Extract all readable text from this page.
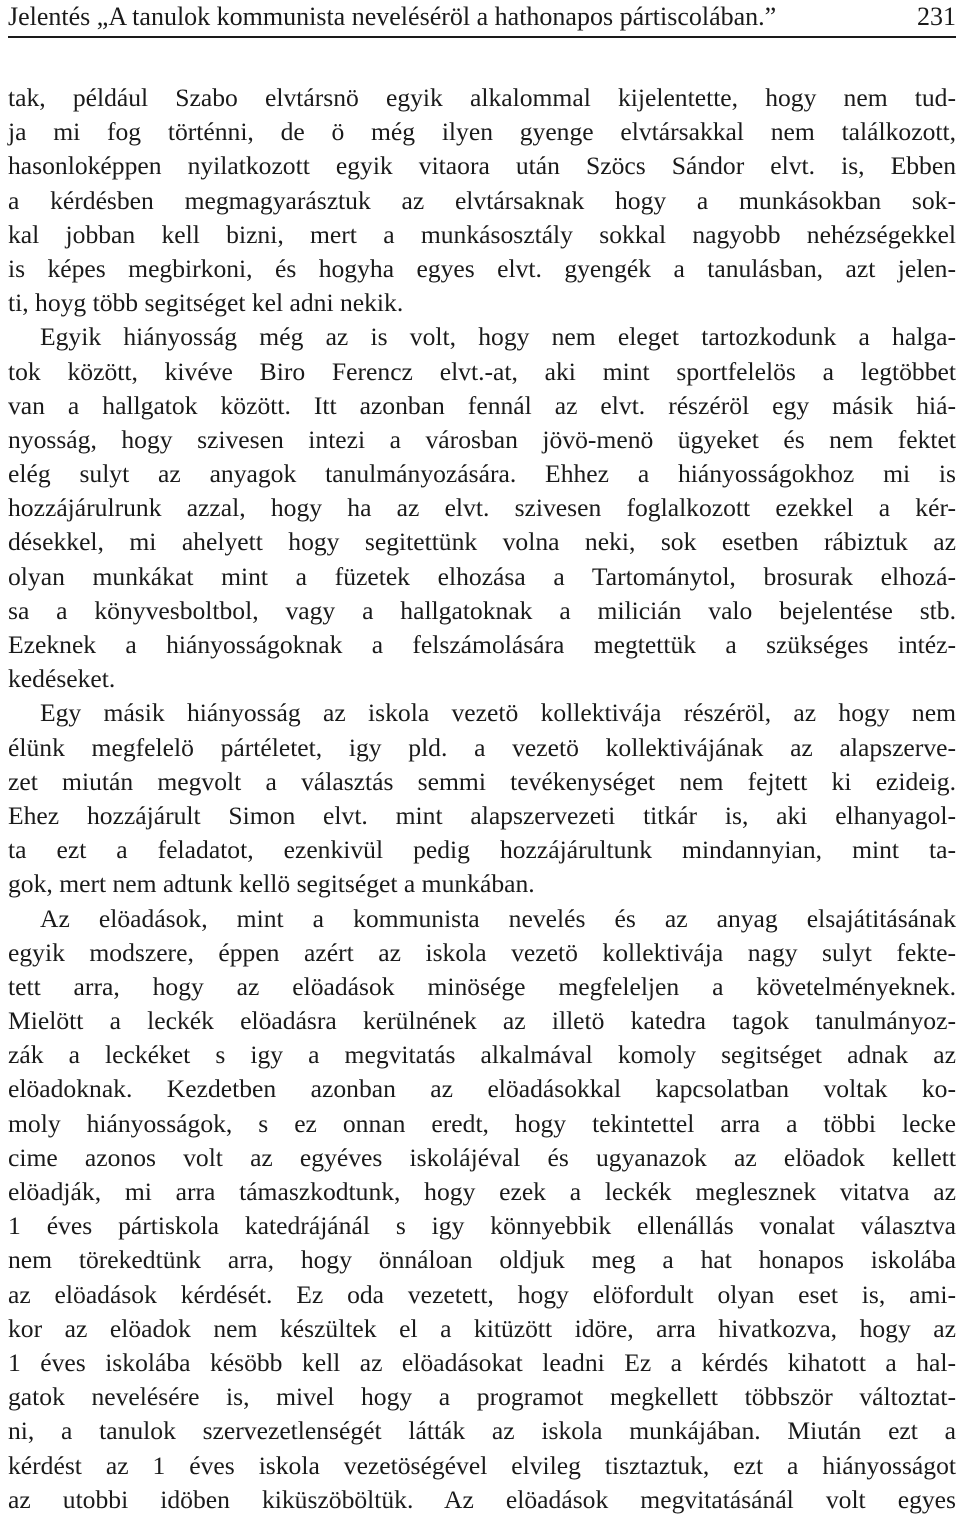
Jelentés „A tanulok kommunista neveléséröl a hathonapos pártiscolában.”	231
tak, például Szabo elvtársnö egyik alkalommal kijelentette, hogy nem tud-
ja mi fog történni, de ö még ilyen gyenge elvtársakkal nem találkozott,
hasonloképpen nyilatkozott egyik vitaora után Szöcs Sándor elvt. is, Ebben
a kérdésben megmagyarásztuk az elvtársaknak hogy a munkásokban sok-
kal jobban kell bizni, mert a munkásosztály sokkal nagyobb nehézségekkel
is képes megbirkoni, és hogyha egyes elvt. gyengék a tanulásban, azt jelen-
ti, hoyg több segitséget kel adni nekik.
Egyik hiányosság még az is volt, hogy nem eleget tartozkodunk a halga-
tok között, kivéve Biro Ferencz elvt.-at, aki mint sportfelelös a legtöbbet
van a hallgatok között. Itt azonban fennál az elvt. részéröl egy másik hiá-
nyosság, hogy szivesen intezi a városban jövö-menö ügyeket és nem fektet
elég sulyt az anyagok tanulmányozására. Ehhez a hiányosságokhoz mi is
hozzájárulrunk azzal, hogy ha az elvt. szivesen foglalkozott ezekkel a kér-
désekkel, mi ahelyett hogy segitettünk volna neki, sok esetben rábiztuk az
olyan munkákat mint a füzetek elhozása a Tartománytol, brosurak elhozá-
sa a könyvesboltbol, vagy a hallgatoknak a milicián valo bejelentése stb.
Ezeknek a hiányosságoknak a felszámolására megtettük a szükséges intéz-
kedéseket.
Egy másik hiányosság az iskola vezetö kollektivája részéröl, az hogy nem
élünk megfelelö pártéletet, igy pld. a vezetö kollektivájának az alapszerve-
zet miután megvolt a választás semmi tevékenységet nem fejtett ki ezideig.
Ehez hozzájárult Simon elvt. mint alapszervezeti titkár is, aki elhanyagol-
ta ezt a feladatot, ezenkivül pedig hozzájárultunk mindannyian, mint ta-
gok, mert nem adtunk kellö segitséget a munkában.
Az elöadások, mint a kommunista nevelés és az anyag elsajátitásának
egyik modszere, éppen azért az iskola vezetö kollektivája nagy sulyt fekte-
tett arra, hogy az elöadások minösége megfeleljen a követelményeknek.
Mielött a leckék elöadásra kerülnének az illetö katedra tagok tanulmányoz-
zák a leckéket s igy a megvitatás alkalmával komoly segitséget adnak az
elöadoknak. Kezdetben azonban az elöadásokkal kapcsolatban voltak ko-
moly hiányosságok, s ez onnan eredt, hogy tekintettel arra a többi lecke
cime azonos volt az egyéves iskolájéval és ugyanazok az elöadok kellett
elöadják, mi arra támaszkodtunk, hogy ezek a leckék meglesznek vitatva az
1 éves pártiskola katedrájánál s igy könnyebbik ellenállás vonalat választva
nem törekedtünk arra, hogy önnáloan oldjuk meg a hat honapos iskolába
az elöadások kérdését. Ez oda vezetett, hogy elöfordult olyan eset is, ami-
kor az elöadok nem készültek el a kitüzött idöre, arra hivatkozva, hogy az
1 éves iskolába késöbb kell az elöadásokat leadni Ez a kérdés kihatott a hal-
gatok nevelésére is, mivel hogy a programot megkellett többször változtat-
ni, a tanulok szervezetlenségét látták az iskola munkájában. Miután ezt a
kérdést az 1 éves iskola vezetöségével elvileg tisztaztuk, ezt a hiányosságot
az utobbi idöben kiküszöböltük. Az elöadások megvitatásánál volt egyes
